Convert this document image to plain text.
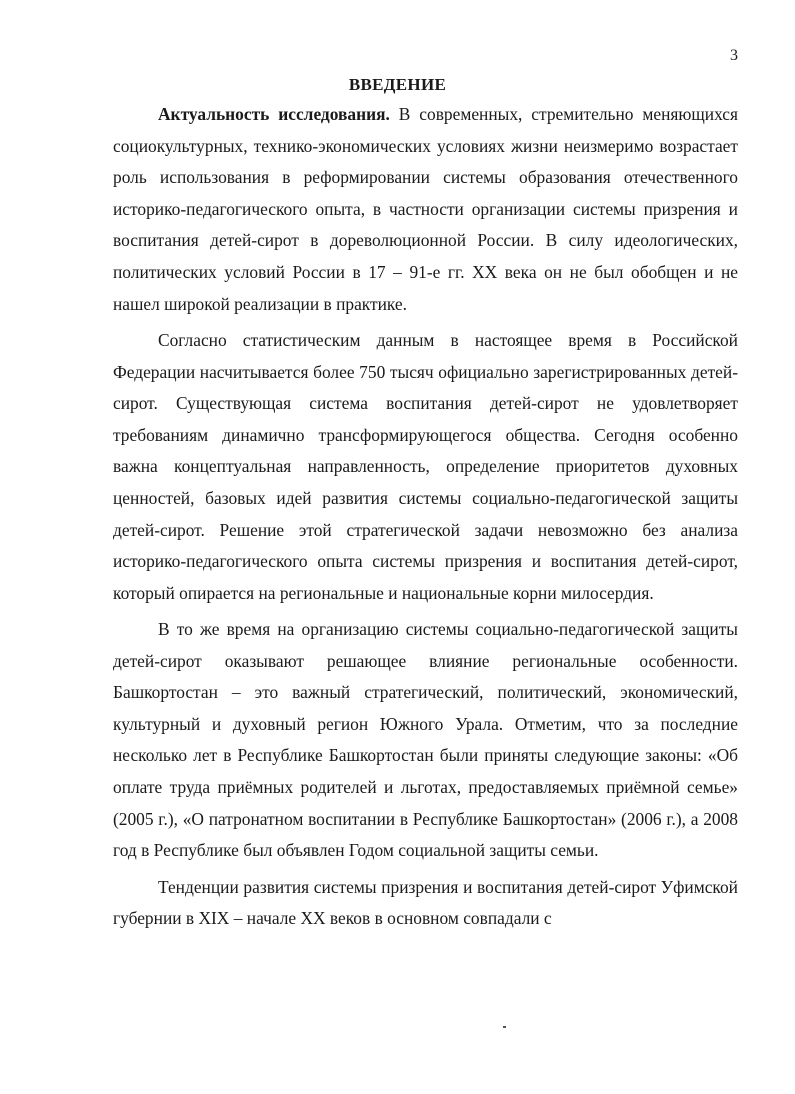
3
ВВЕДЕНИЕ

Актуальность исследования. В современных, стремительно меняющихся социокультурных, технико-экономических условиях жизни неизмеримо возрастает роль использования в реформировании системы образования отечественного историко-педагогического опыта, в частности организации системы призрения и воспитания детей-сирот в дореволюционной России. В силу идеологических, политических условий России в 17 – 91-е гг. XX века он не был обобщен и не нашел широкой реализации в практике.

Согласно статистическим данным в настоящее время в Российской Федерации насчитывается более 750 тысяч официально зарегистрированных детей-сирот. Существующая система воспитания детей-сирот не удовлетворяет требованиям динамично трансформирующегося общества. Сегодня особенно важна концептуальная направленность, определение приоритетов духовных ценностей, базовых идей развития системы социально-педагогической защиты детей-сирот. Решение этой стратегической задачи невозможно без анализа историко-педагогического опыта системы призрения и воспитания детей-сирот, который опирается на региональные и национальные корни милосердия.

В то же время на организацию системы социально-педагогической защиты детей-сирот оказывают решающее влияние региональные особенности. Башкортостан – это важный стратегический, политический, экономический, культурный и духовный регион Южного Урала. Отметим, что за последние несколько лет в Республике Башкортостан были приняты следующие законы: «Об оплате труда приёмных родителей и льготах, предоставляемых приёмной семье» (2005 г.), «О патронатном воспитании в Республике Башкортостан» (2006 г.), а 2008 год в Республике был объявлен Годом социальной защиты семьи.

Тенденции развития системы призрения и воспитания детей-сирот Уфимской губернии в XIX – начале XX веков в основном совпадали с
